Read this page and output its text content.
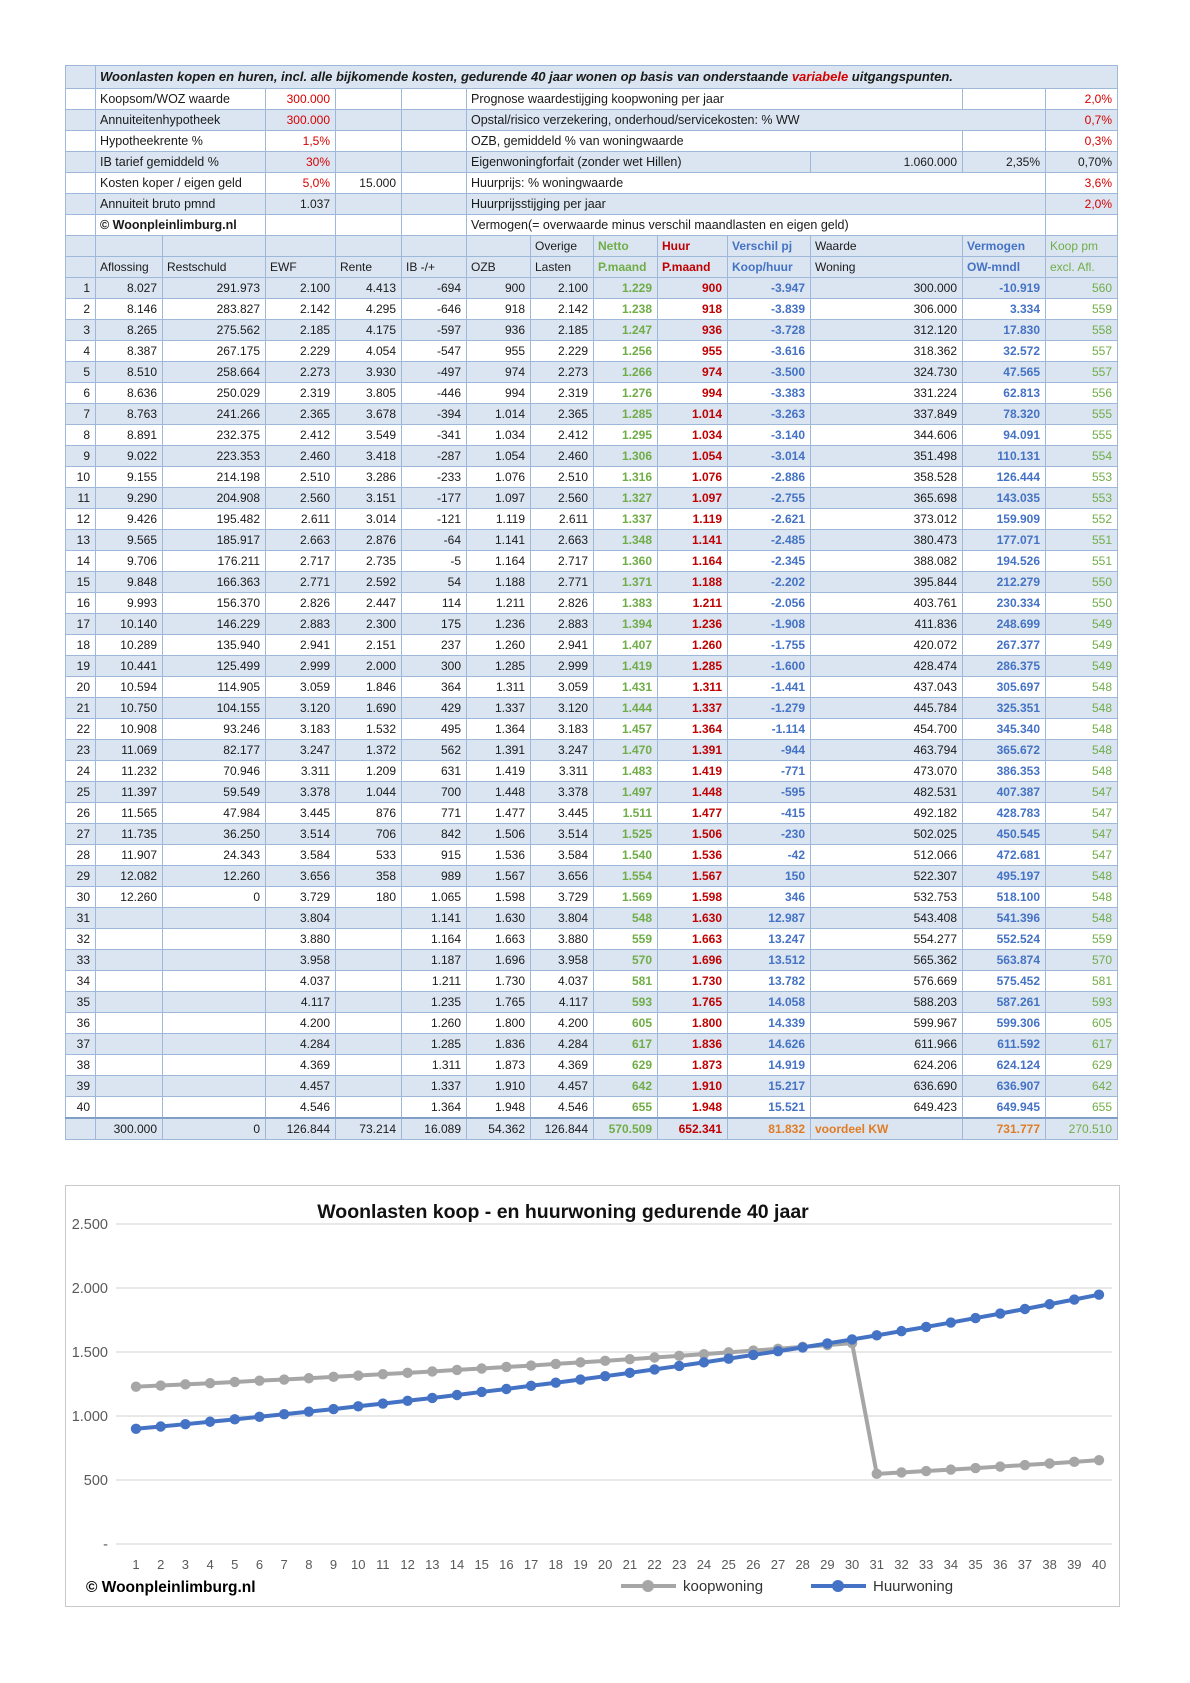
	Woonlasten kopen en huren, incl. alle bijkomende kosten, gedurende 40 jaar wonen op basis van onderstaande variabele uitgangspunten.												
	Koopsom/WOZ waarde		300.000			Prognose waardestijging koopwoning per jaar							2,0%
	Annuiteitenhypotheek		300.000			Opstal/risico verzekering, onderhoud/servicekosten: % WW							0,7%
	Hypotheekrente %		1,5%			OZB, gemiddeld % van woningwaarde							0,3%
	IB tarief gemiddeld %		30%			Eigenwoningforfait (zonder wet Hillen)					1.060.000	2,35%	0,70%
	Kosten koper / eigen geld		5,0%	15.000		Huurprijs: % woningwaarde							3,6%
	Annuiteit bruto pmnd		1.037			Huurprijsstijging per jaar							2,0%
	© Woonpleinlimburg.nl					Vermogen(= overwaarde minus verschil maandlasten en eigen geld)							
							Overige	Netto	Huur	Verschil pj	Waarde	Vermogen	Koop pm
	Aflossing	Restschuld	EWF	Rente	IB -/+	OZB	Lasten	P.maand	P.maand	Koop/huur	Woning	OW-mndl	excl. Afl.
1	8.027	291.973	2.100	4.413	-694	900	2.100	1.229	900	-3.947	300.000	-10.919	560
2	8.146	283.827	2.142	4.295	-646	918	2.142	1.238	918	-3.839	306.000	3.334	559
3	8.265	275.562	2.185	4.175	-597	936	2.185	1.247	936	-3.728	312.120	17.830	558
4	8.387	267.175	2.229	4.054	-547	955	2.229	1.256	955	-3.616	318.362	32.572	557
5	8.510	258.664	2.273	3.930	-497	974	2.273	1.266	974	-3.500	324.730	47.565	557
6	8.636	250.029	2.319	3.805	-446	994	2.319	1.276	994	-3.383	331.224	62.813	556
7	8.763	241.266	2.365	3.678	-394	1.014	2.365	1.285	1.014	-3.263	337.849	78.320	555
8	8.891	232.375	2.412	3.549	-341	1.034	2.412	1.295	1.034	-3.140	344.606	94.091	555
9	9.022	223.353	2.460	3.418	-287	1.054	2.460	1.306	1.054	-3.014	351.498	110.131	554
10	9.155	214.198	2.510	3.286	-233	1.076	2.510	1.316	1.076	-2.886	358.528	126.444	553
11	9.290	204.908	2.560	3.151	-177	1.097	2.560	1.327	1.097	-2.755	365.698	143.035	553
12	9.426	195.482	2.611	3.014	-121	1.119	2.611	1.337	1.119	-2.621	373.012	159.909	552
13	9.565	185.917	2.663	2.876	-64	1.141	2.663	1.348	1.141	-2.485	380.473	177.071	551
14	9.706	176.211	2.717	2.735	-5	1.164	2.717	1.360	1.164	-2.345	388.082	194.526	551
15	9.848	166.363	2.771	2.592	54	1.188	2.771	1.371	1.188	-2.202	395.844	212.279	550
16	9.993	156.370	2.826	2.447	114	1.211	2.826	1.383	1.211	-2.056	403.761	230.334	550
17	10.140	146.229	2.883	2.300	175	1.236	2.883	1.394	1.236	-1.908	411.836	248.699	549
18	10.289	135.940	2.941	2.151	237	1.260	2.941	1.407	1.260	-1.755	420.072	267.377	549
19	10.441	125.499	2.999	2.000	300	1.285	2.999	1.419	1.285	-1.600	428.474	286.375	549
20	10.594	114.905	3.059	1.846	364	1.311	3.059	1.431	1.311	-1.441	437.043	305.697	548
21	10.750	104.155	3.120	1.690	429	1.337	3.120	1.444	1.337	-1.279	445.784	325.351	548
22	10.908	93.246	3.183	1.532	495	1.364	3.183	1.457	1.364	-1.114	454.700	345.340	548
23	11.069	82.177	3.247	1.372	562	1.391	3.247	1.470	1.391	-944	463.794	365.672	548
24	11.232	70.946	3.311	1.209	631	1.419	3.311	1.483	1.419	-771	473.070	386.353	548
25	11.397	59.549	3.378	1.044	700	1.448	3.378	1.497	1.448	-595	482.531	407.387	547
26	11.565	47.984	3.445	876	771	1.477	3.445	1.511	1.477	-415	492.182	428.783	547
27	11.735	36.250	3.514	706	842	1.506	3.514	1.525	1.506	-230	502.025	450.545	547
28	11.907	24.343	3.584	533	915	1.536	3.584	1.540	1.536	-42	512.066	472.681	547
29	12.082	12.260	3.656	358	989	1.567	3.656	1.554	1.567	150	522.307	495.197	548
30	12.260	0	3.729	180	1.065	1.598	3.729	1.569	1.598	346	532.753	518.100	548
31			3.804		1.141	1.630	3.804	548	1.630	12.987	543.408	541.396	548
32			3.880		1.164	1.663	3.880	559	1.663	13.247	554.277	552.524	559
33			3.958		1.187	1.696	3.958	570	1.696	13.512	565.362	563.874	570
34			4.037		1.211	1.730	4.037	581	1.730	13.782	576.669	575.452	581
35			4.117		1.235	1.765	4.117	593	1.765	14.058	588.203	587.261	593
36			4.200		1.260	1.800	4.200	605	1.800	14.339	599.967	599.306	605
37			4.284		1.285	1.836	4.284	617	1.836	14.626	611.966	611.592	617
38			4.369		1.311	1.873	4.369	629	1.873	14.919	624.206	624.124	629
39			4.457		1.337	1.910	4.457	642	1.910	15.217	636.690	636.907	642
40			4.546		1.364	1.948	4.546	655	1.948	15.521	649.423	649.945	655
	300.000	0	126.844	73.214	16.089	54.362	126.844	570.509	652.341	81.832	voordeel KW	731.777	270.510
2.500
2.000
1.500
1.000
500
-
Woonlasten koop - en huurwoning gedurende 40 jaar
1 2 3 4 5 6 7 8 9 10 11 12 13 14 15 16 17 18 19 20 21 22 23 24 25 26 27 28 29 30 31 32 33 34 35 36 37 38 39 40
koopwoning	Huurwoning
© Woonpleinlimburg.nl
